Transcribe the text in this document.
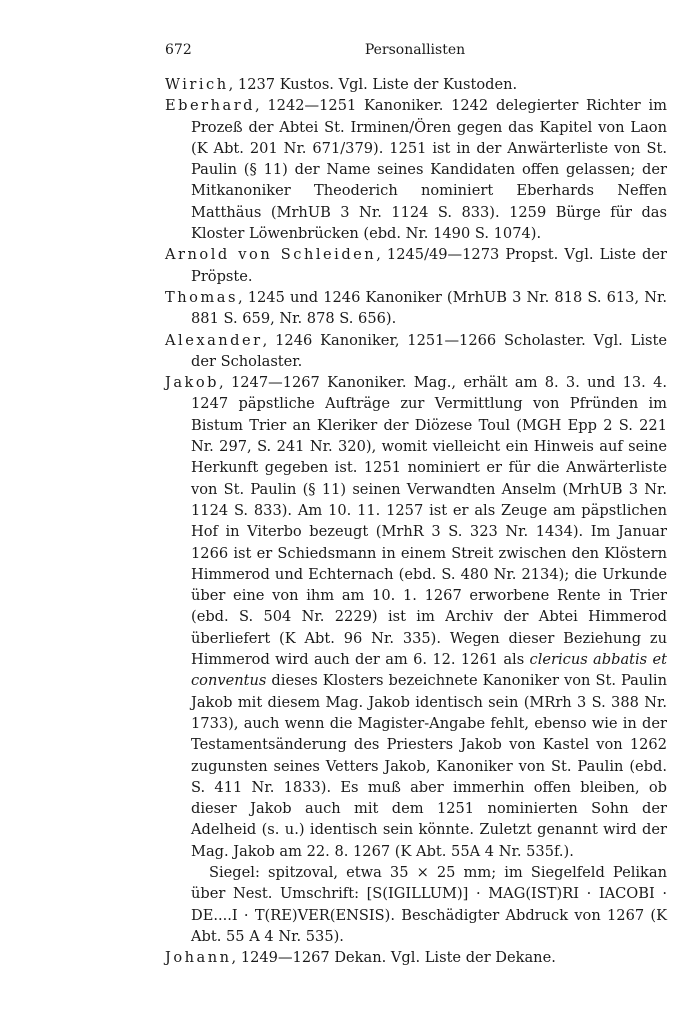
672	Personallisten

Wirich, 1237 Kustos. Vgl. Liste der Kustoden.

Eberhard, 1242—1251 Kanoniker. 1242 delegierter Richter im Prozeß der Abtei St. Irminen/Ören gegen das Kapitel von Laon (K Abt. 201 Nr. 671/379). 1251 ist in der Anwärterliste von St. Paulin (§ 11) der Name seines Kandidaten offen gelassen; der Mitkanoniker Theoderich nominiert Eberhards Neffen Matthäus (MrhUB 3 Nr. 1124 S. 833). 1259 Bürge für das Kloster Löwenbrücken (ebd. Nr. 1490 S. 1074).

Arnold von Schleiden, 1245/49—1273 Propst. Vgl. Liste der Pröpste.

Thomas, 1245 und 1246 Kanoniker (MrhUB 3 Nr. 818 S. 613, Nr. 881 S. 659, Nr. 878 S. 656).

Alexander, 1246 Kanoniker, 1251—1266 Scholaster. Vgl. Liste der Scholaster.

Jakob, 1247—1267 Kanoniker. Mag., erhält am 8. 3. und 13. 4. 1247 päpstliche Aufträge zur Vermittlung von Pfründen im Bistum Trier an Kleriker der Diözese Toul (MGH Epp 2 S. 221 Nr. 297, S. 241 Nr. 320), womit vielleicht ein Hinweis auf seine Herkunft gegeben ist. 1251 nominiert er für die Anwärterliste von St. Paulin (§ 11) seinen Verwandten Anselm (MrhUB 3 Nr. 1124 S. 833). Am 10. 11. 1257 ist er als Zeuge am päpstlichen Hof in Viterbo bezeugt (MrhR 3 S. 323 Nr. 1434). Im Januar 1266 ist er Schiedsmann in einem Streit zwischen den Klöstern Himmerod und Echternach (ebd. S. 480 Nr. 2134); die Urkunde über eine von ihm am 10. 1. 1267 erworbene Rente in Trier (ebd. S. 504 Nr. 2229) ist im Archiv der Abtei Himmerod überliefert (K Abt. 96 Nr. 335). Wegen dieser Beziehung zu Himmerod wird auch der am 6. 12. 1261 als clericus abbatis et conventus dieses Klosters bezeichnete Kanoniker von St. Paulin Jakob mit diesem Mag. Jakob identisch sein (MRrh 3 S. 388 Nr. 1733), auch wenn die Magister-Angabe fehlt, ebenso wie in der Testamentsänderung des Priesters Jakob von Kastel von 1262 zugunsten seines Vetters Jakob, Kanoniker von St. Paulin (ebd. S. 411 Nr. 1833). Es muß aber immerhin offen bleiben, ob dieser Jakob auch mit dem 1251 nominierten Sohn der Adelheid (s. u.) identisch sein könnte. Zuletzt genannt wird der Mag. Jakob am 22. 8. 1267 (K Abt. 55A 4 Nr. 535f.).

Siegel: spitzoval, etwa 35 × 25 mm; im Siegelfeld Pelikan über Nest. Umschrift: [S(IGILLUM)] · MAG(IST)RI · IACOBI · DE....I · T(RE)VER(ENSIS). Beschädigter Abdruck von 1267 (K Abt. 55 A 4 Nr. 535).

Johann, 1249—1267 Dekan. Vgl. Liste der Dekane.
